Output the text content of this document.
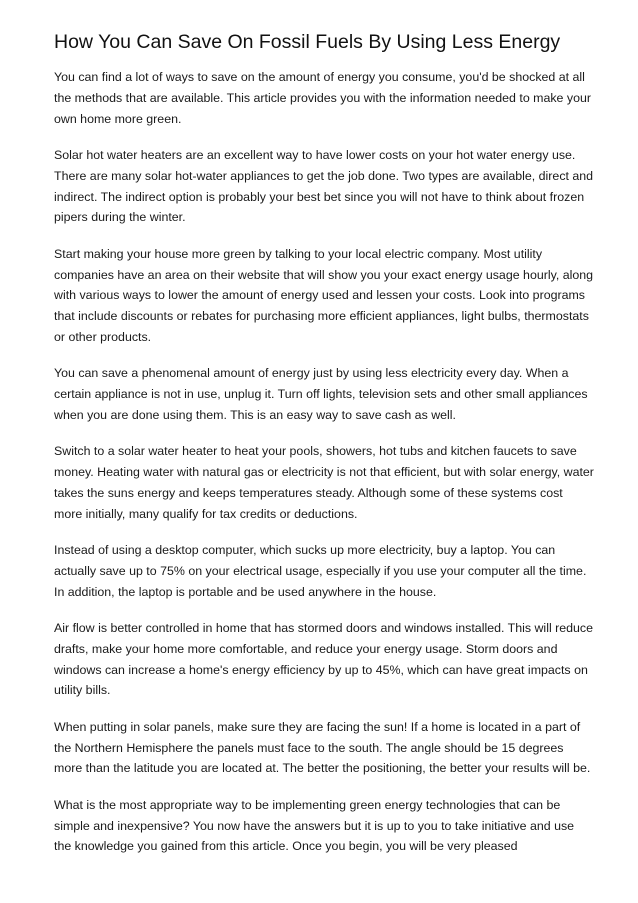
How You Can Save On Fossil Fuels By Using Less Energy

You can find a lot of ways to save on the amount of energy you consume, you'd be shocked at all the methods that are available. This article provides you with the information needed to make your own home more green.

Solar hot water heaters are an excellent way to have lower costs on your hot water energy use. There are many solar hot-water appliances to get the job done. Two types are available, direct and indirect. The indirect option is probably your best bet since you will not have to think about frozen pipers during the winter.

Start making your house more green by talking to your local electric company. Most utility companies have an area on their website that will show you your exact energy usage hourly, along with various ways to lower the amount of energy used and lessen your costs. Look into programs that include discounts or rebates for purchasing more efficient appliances, light bulbs, thermostats or other products.

You can save a phenomenal amount of energy just by using less electricity every day. When a certain appliance is not in use, unplug it. Turn off lights, television sets and other small appliances when you are done using them. This is an easy way to save cash as well.

Switch to a solar water heater to heat your pools, showers, hot tubs and kitchen faucets to save money. Heating water with natural gas or electricity is not that efficient, but with solar energy, water takes the suns energy and keeps temperatures steady. Although some of these systems cost more initially, many qualify for tax credits or deductions.

Instead of using a desktop computer, which sucks up more electricity, buy a laptop. You can actually save up to 75% on your electrical usage, especially if you use your computer all the time. In addition, the laptop is portable and be used anywhere in the house.

Air flow is better controlled in home that has stormed doors and windows installed. This will reduce drafts, make your home more comfortable, and reduce your energy usage. Storm doors and windows can increase a home's energy efficiency by up to 45%, which can have great impacts on utility bills.

When putting in solar panels, make sure they are facing the sun! If a home is located in a part of the Northern Hemisphere the panels must face to the south. The angle should be 15 degrees more than the latitude you are located at. The better the positioning, the better your results will be.

What is the most appropriate way to be implementing green energy technologies that can be simple and inexpensive? You now have the answers but it is up to you to take initiative and use the knowledge you gained from this article. Once you begin, you will be very pleased
